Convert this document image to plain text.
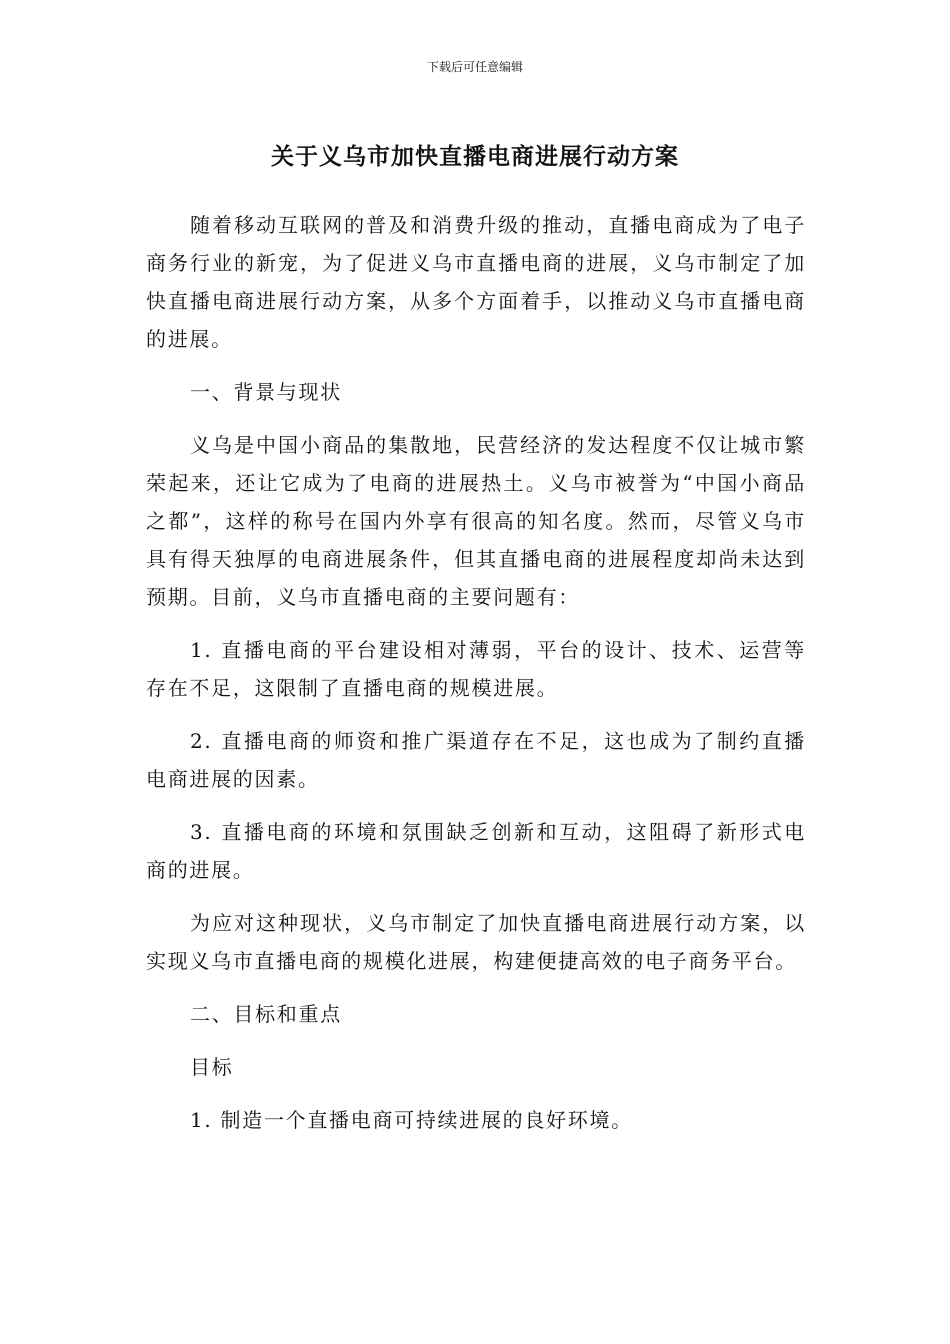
下载后可任意编辑
关于义乌市加快直播电商进展行动方案

随着移动互联网的普及和消费升级的推动，直播电商成为了电子商务行业的新宠，为了促进义乌市直播电商的进展，义乌市制定了加快直播电商进展行动方案，从多个方面着手，以推动义乌市直播电商的进展。

一、背景与现状

义乌是中国小商品的集散地，民营经济的发达程度不仅让城市繁荣起来，还让它成为了电商的进展热土。义乌市被誉为“中国小商品之都”，这样的称号在国内外享有很高的知名度。然而，尽管义乌市具有得天独厚的电商进展条件，但其直播电商的进展程度却尚未达到预期。目前，义乌市直播电商的主要问题有：

1. 直播电商的平台建设相对薄弱，平台的设计、技术、运营等存在不足，这限制了直播电商的规模进展。

2. 直播电商的师资和推广渠道存在不足，这也成为了制约直播电商进展的因素。

3. 直播电商的环境和氛围缺乏创新和互动，这阻碍了新形式电商的进展。

为应对这种现状，义乌市制定了加快直播电商进展行动方案，以实现义乌市直播电商的规模化进展，构建便捷高效的电子商务平台。

二、目标和重点

目标

1. 制造一个直播电商可持续进展的良好环境。
